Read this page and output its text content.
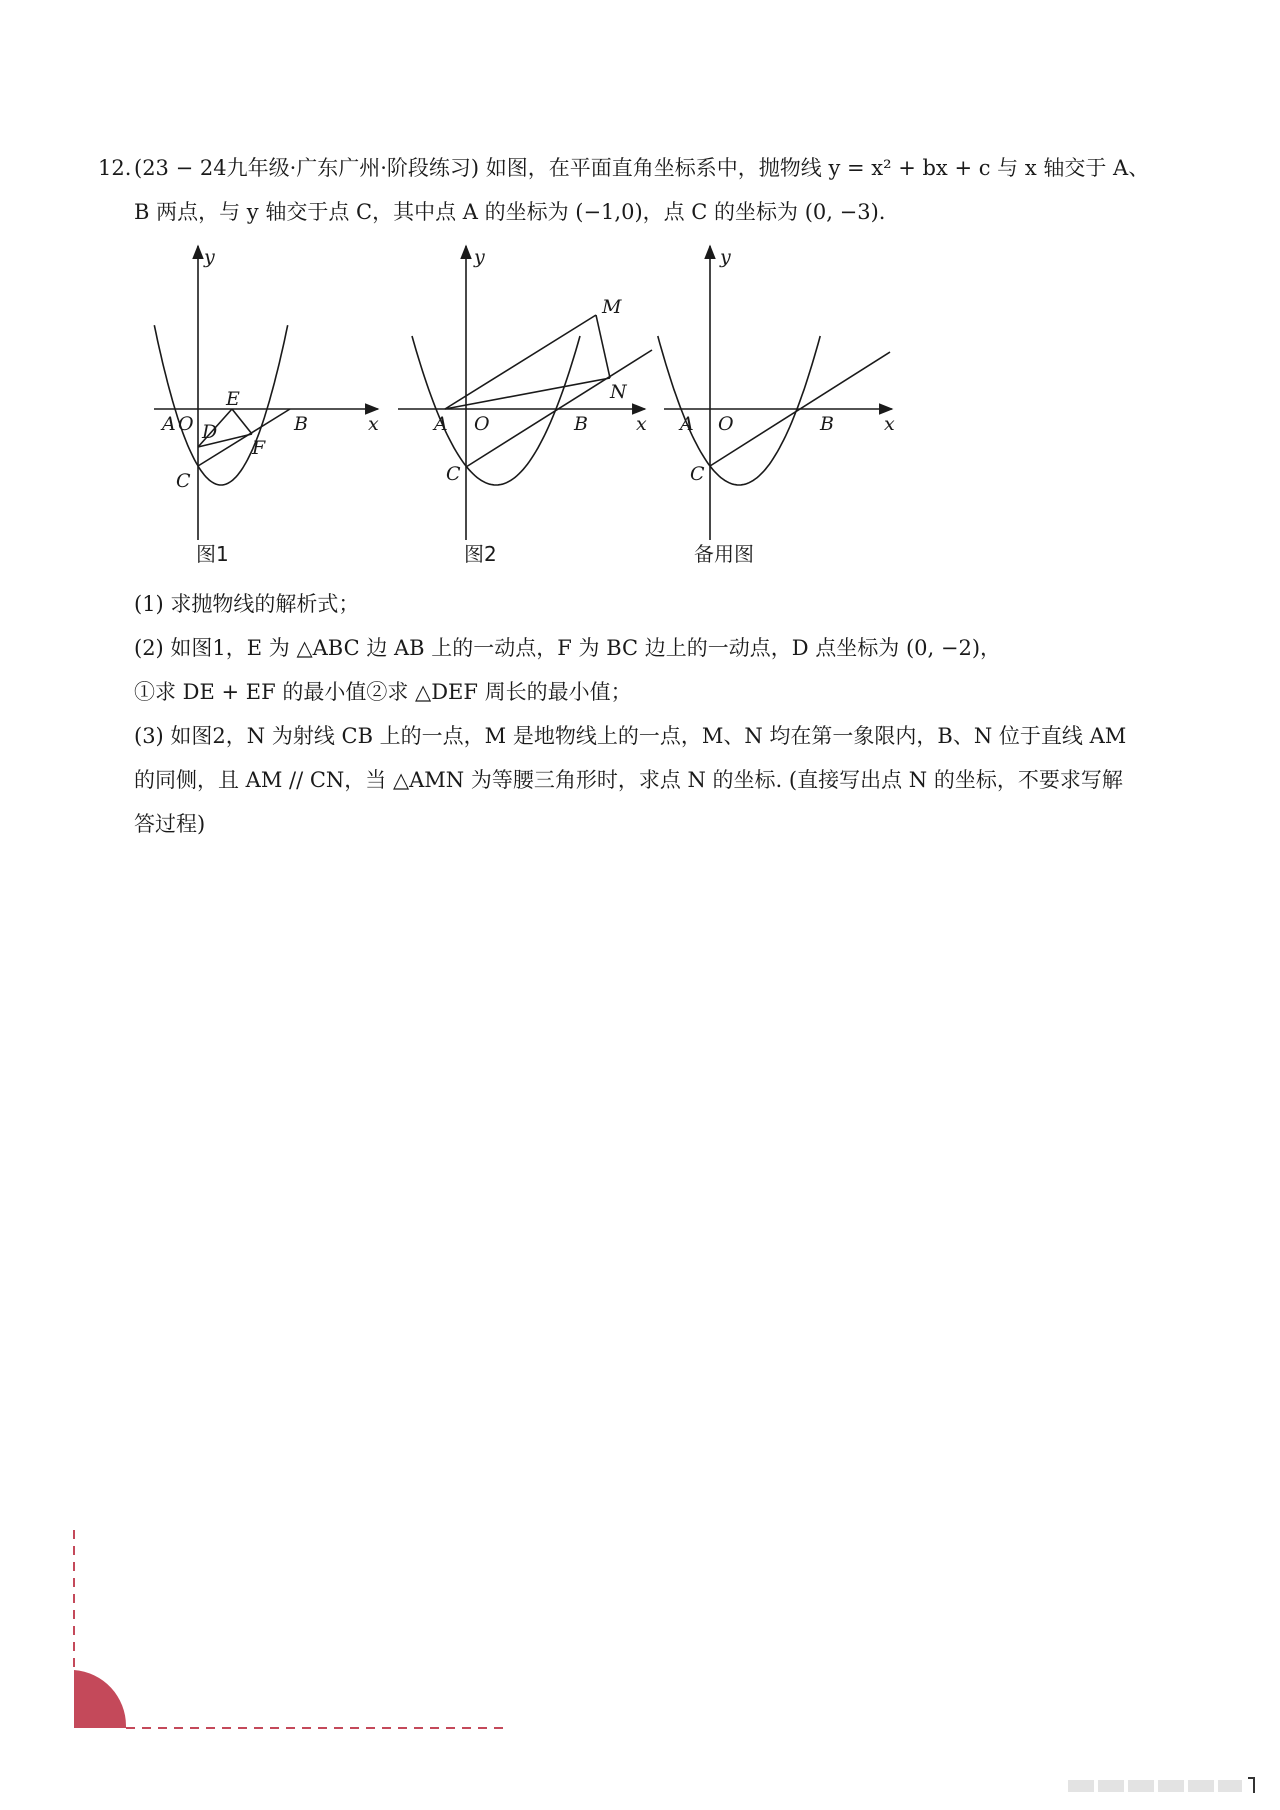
12. (23 − 24九年级·广东广州·阶段练习) 如图，在平面直角坐标系中，抛物线 y = x² + bx + c 与 x 轴交于 A、
B 两点，与 y 轴交于点 C，其中点 A 的坐标为 (−1,0)，点 C 的坐标为 (0, −3).
y
x
A O	B
C
D
E
F
y
x
A O	B
C
M
N
y
x
A O	B
C
图1	图2	备用图
(1) 求抛物线的解析式；
(2) 如图1，E 为 △ABC 边 AB 上的一动点，F 为 BC 边上的一动点，D 点坐标为 (0, −2)，
①求 DE + EF 的最小值②求 △DEF 周长的最小值；
(3) 如图2，N 为射线 CB 上的一点，M 是地物线上的一点，M、N 均在第一象限内，B、N 位于直线 AM
的同侧，且 AM // CN，当 △AMN 为等腰三角形时，求点 N 的坐标. (直接写出点 N 的坐标，不要求写解
答过程)
9
